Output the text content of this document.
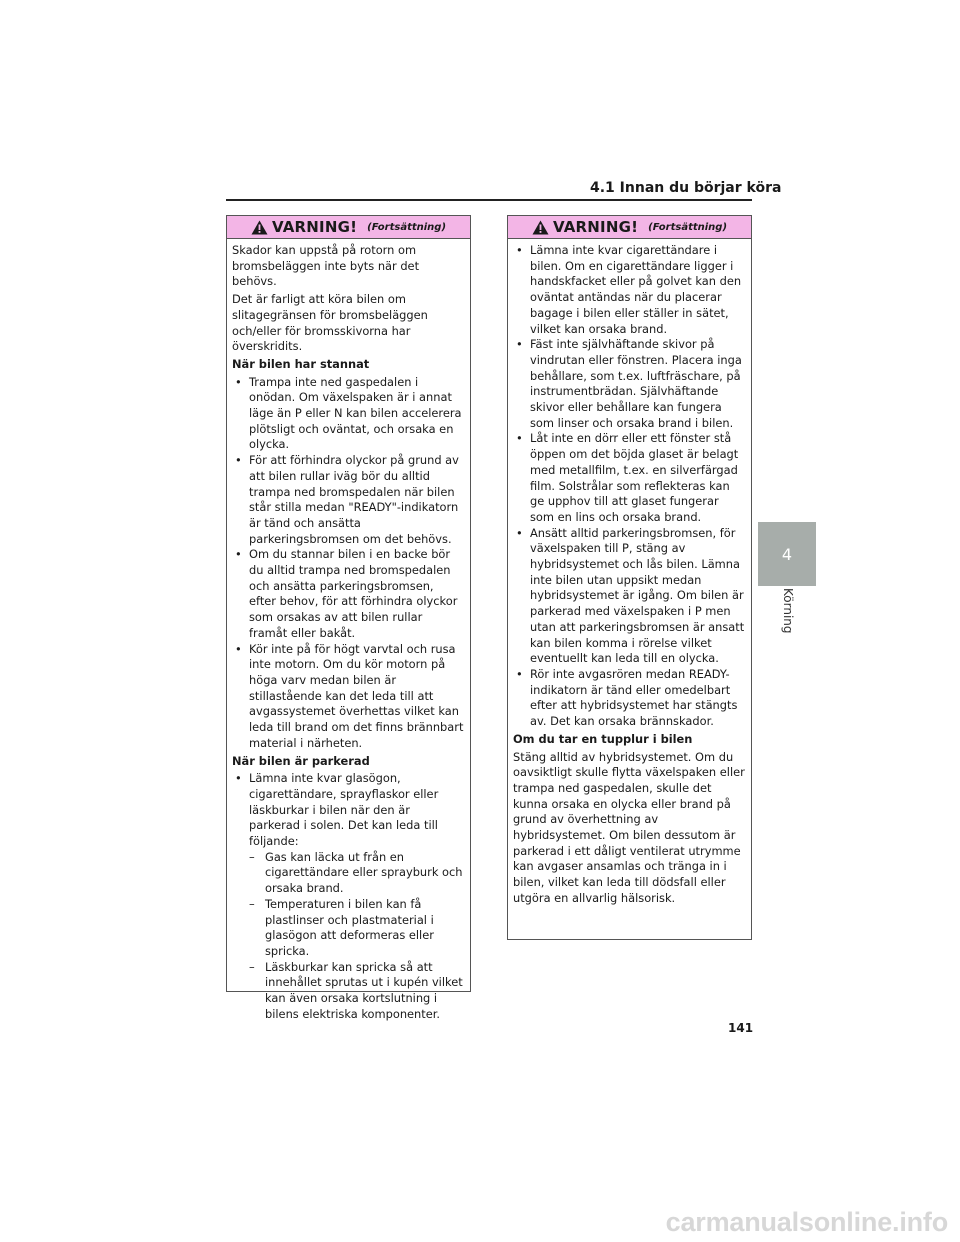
4.1 Innan du börjar köra
VARNING! (Fortsättning)

Skador kan uppstå på rotorn om bromsbeläggen inte byts när det behövs.

Det är farligt att köra bilen om slitagegränsen för bromsbeläggen och/eller för bromsskivorna har överskridits.

När bilen har stannat

• Trampa inte ned gaspedalen i onödan. Om växelspaken är i annat läge än P eller N kan bilen accelerera plötsligt och oväntat, och orsaka en olycka.
• För att förhindra olyckor på grund av att bilen rullar iväg bör du alltid trampa ned bromspedalen när bilen står stilla medan "READY"-indikatorn är tänd och ansätta parkeringsbromsen om det behövs.
• Om du stannar bilen i en backe bör du alltid trampa ned bromspedalen och ansätta parkeringsbromsen, efter behov, för att förhindra olyckor som orsakas av att bilen rullar framåt eller bakåt.
• Kör inte på för högt varvtal och rusa inte motorn. Om du kör motorn på höga varv medan bilen är stillastående kan det leda till att avgassystemet överhettas vilket kan leda till brand om det finns brännbart material i närheten.

När bilen är parkerad

• Lämna inte kvar glasögon, cigarettändare, sprayflaskor eller läskburkar i bilen när den är parkerad i solen. Det kan leda till följande:
– Gas kan läcka ut från en cigarettändare eller sprayburk och orsaka brand.
– Temperaturen i bilen kan få plastlinser och plastmaterial i glasögon att deformeras eller spricka.
– Läskburkar kan spricka så att innehållet sprutas ut i kupén vilket kan även orsaka kortslutning i bilens elektriska komponenter.
VARNING! (Fortsättning)
• Lämna inte kvar cigarettändare i bilen. Om en cigarettändare ligger i handskfacket eller på golvet kan den oväntat antändas när du placerar bagage i bilen eller ställer in sätet, vilket kan orsaka brand.
• Fäst inte självhäftande skivor på vindrutan eller fönstren. Placera inga behållare, som t.ex. luftfräschare, på instrumentbrädan. Självhäftande skivor eller behållare kan fungera som linser och orsaka brand i bilen.
• Låt inte en dörr eller ett fönster stå öppen om det böjda glaset är belagt med metallfilm, t.ex. en silverfärgad film. Solstrålar som reflekteras kan ge upphov till att glaset fungerar som en lins och orsaka brand.
• Ansätt alltid parkeringsbromsen, för växelspaken till P, stäng av hybridsystemet och lås bilen. Lämna inte bilen utan uppsikt medan hybridsystemet är igång. Om bilen är parkerad med växelspaken i P men utan att parkeringsbromsen är ansatt kan bilen komma i rörelse vilket eventuellt kan leda till en olycka.
• Rör inte avgasrören medan READY-indikatorn är tänd eller omedelbart efter att hybridsystemet har stängts av. Det kan orsaka brännskador.

Om du tar en tupplur i bilen

Stäng alltid av hybridsystemet. Om du oavsiktligt skulle flytta växelspaken eller trampa ned gaspedalen, skulle det kunna orsaka en olycka eller brand på grund av överhettning av hybridsystemet. Om bilen dessutom är parkerad i ett dåligt ventilerat utrymme kan avgaser ansamlas och tränga in i bilen, vilket kan leda till dödsfall eller utgöra en allvarlig hälsorisk.

4
Körning
141
carmanualsonline.info
